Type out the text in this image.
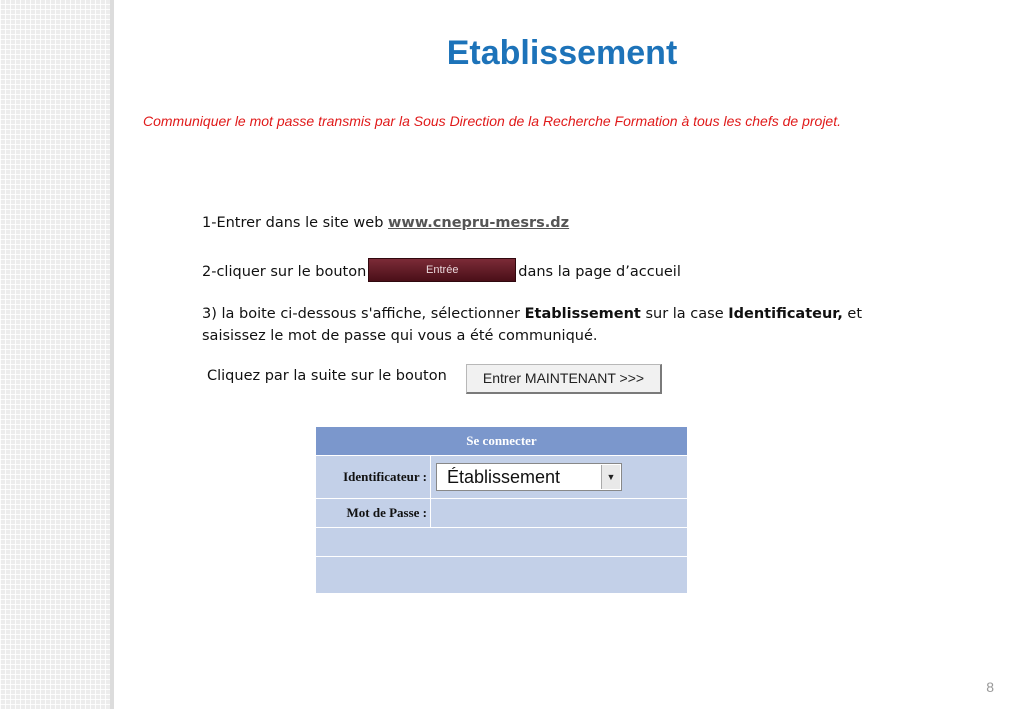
Etablissement
Communiquer le mot passe transmis par la Sous Direction de la Recherche Formation à tous les chefs de projet.
1-Entrer dans le site web www.cnepru-mesrs.dz
2-cliquer sur le bouton	Entrée	dans la page d’accueil
3) la boite ci-dessous s'affiche, sélectionner Etablissement sur la case Identificateur, et
saisissez le mot de passe qui vous a été communiqué.
Cliquez par la suite sur le bouton	Entrer MAINTENANT >>>
Se connecter	
Identificateur :	Établissement ▼

Mot de Passe :	

8
